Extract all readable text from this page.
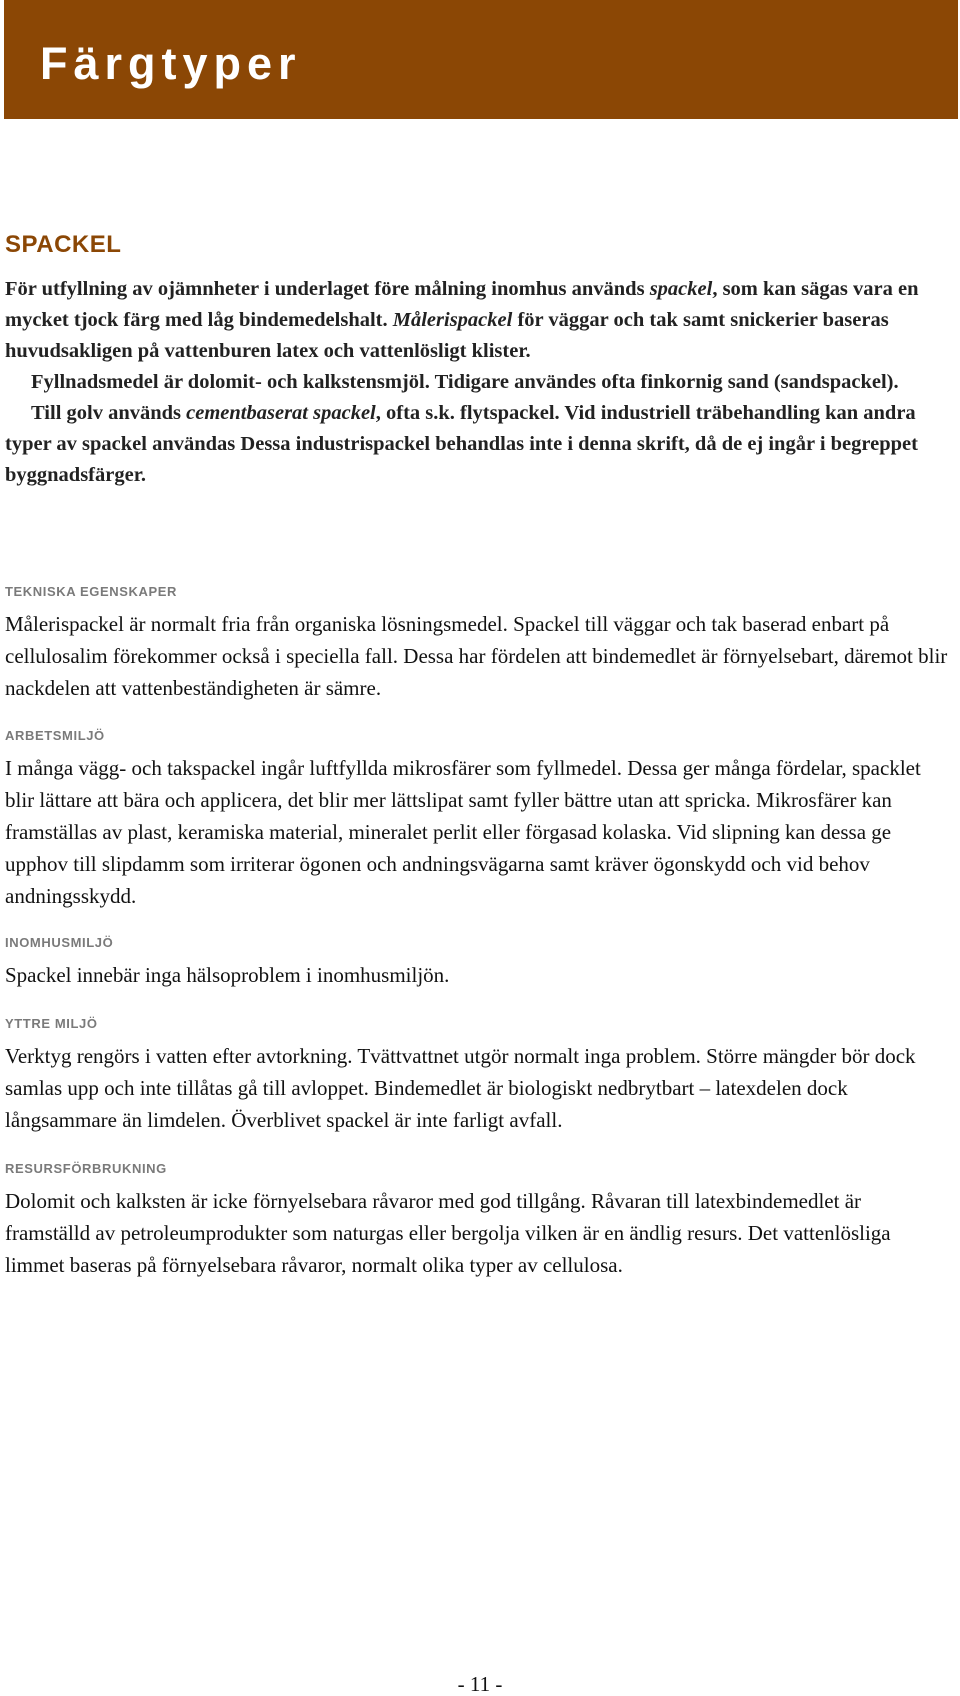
Färgtyper
SPACKEL

För utfyllning av ojämnheter i underlaget före målning inomhus används spackel, som kan sägas vara en mycket tjock färg med låg bindemedelshalt. Målerispackel för väggar och tak samt snickerier baseras huvudsakligen på vattenburen latex och vattenlösligt klister.

Fyllnadsmedel är dolomit- och kalkstensmjöl. Tidigare användes ofta finkornig sand (sandspackel).

Till golv används cementbaserat spackel, ofta s.k. flytspackel. Vid industriell träbehandling kan andra typer av spackel användas Dessa industrispackel behandlas inte i denna skrift, då de ej ingår i begreppet byggnadsfärger.

TEKNISKA EGENSKAPER

Målerispackel är normalt fria från organiska lösningsmedel. Spackel till väggar och tak baserad enbart på cellulosalim förekommer också i speciella fall. Dessa har fördelen att bindemedlet är förnyelsebart, däremot blir nackdelen att vattenbeständigheten är sämre.

ARBETSMILJÖ

I många vägg- och takspackel ingår luftfyllda mikrosfärer som fyllmedel. Dessa ger många fördelar, spacklet blir lättare att bära och applicera, det blir mer lättslipat samt fyller bättre utan att spricka. Mikrosfärer kan framställas av plast, keramiska material, mineralet perlit eller förgasad kolaska. Vid slipning kan dessa ge upphov till slipdamm som irriterar ögonen och andningsvägarna samt kräver ögonskydd och vid behov andningsskydd.

INOMHUSMILJÖ

Spackel innebär inga hälsoproblem i inomhusmiljön.

YTTRE MILJÖ

Verktyg rengörs i vatten efter avtorkning. Tvättvattnet utgör normalt inga problem. Större mängder bör dock samlas upp och inte tillåtas gå till avloppet. Bindemedlet är biologiskt nedbrytbart – latexdelen dock långsammare än limdelen. Överblivet spackel är inte farligt avfall.

RESURSFÖRBRUKNING

Dolomit och kalksten är icke förnyelsebara råvaror med god tillgång. Råvaran till latexbindemedlet är framställd av petroleumprodukter som naturgas eller bergolja vilken är en ändlig resurs. Det vattenlösliga limmet baseras på förnyelsebara råvaror, normalt olika typer av cellulosa.

- 11 -
